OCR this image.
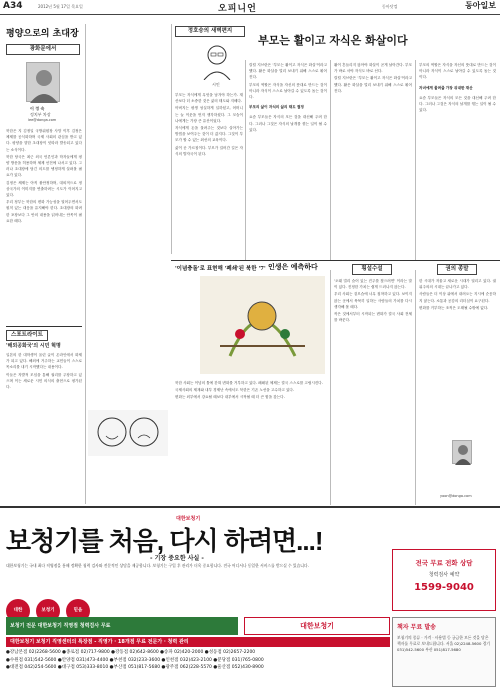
A34	2012년 5월 17일 목요일	오피니언	동아닷컴	동아일보
평양으로의 초대장
광화문에서
이 정 숙
정치부 차장
lee@donga.com

북한은 지 김정일 국방위원장 사망 이후 김정은 체제를 공식화하며 국제 사회의 관심을 받고 있다. 평양을 향한 초대장이 잇따라 발송되고 있다는 소식이다.

북한 당국은 최근 외국 언론인과 학자들에게 평양 방문을 허용하며 체제 선전에 나서고 있다. 그러나 초대장에 담긴 의도를 냉정하게 살펴볼 필요가 있다.

김정은 체제는 아직 불안정하며, 대외적으로 정상국가의 이미지를 연출하려는 시도가 이어지고 있다.

우리 정부는 북한의 변화 가능성을 열어두면서도 원칙 있는 대응을 유지해야 한다. 초대장의 화려한 포장보다 그 안의 내용을 읽어내는 안목이 필요한 때다.

스포트라이트
'해외공화국'의 시민 혁명

일본의 한 대학생이 올린 글이 온라인에서 화제가 되고 있다. 해외에 거주하는 교민들이 스스로 목소리를 내기 시작했다는 내용이다.

이들은 자발적 모임을 통해 권리를 주장하고 있으며 이는 새로운 시민 의식의 출현으로 평가된다.

정호승의 새벽편지
시인

부모는 자식에게 무엇을 남겨야 하는가. 재산보다 더 소중한 것은 삶의 태도와 지혜다.

아버지는 평생 성실하게 일하셨고, 어머니는 늘 이웃을 먼저 생각하셨다. 그 모습이 나에게는 가장 큰 유산이었다.

자식에게 돈을 물려주는 것보다 살아가는 방법을 보여주는 것이 더 값지다. 그것이 부모가 할 수 있는 최선의 교육이다.

삶이 곧 가르침이다. 부모가 걸어간 길은 자식의 발자국이 된다.

부모는 활이고 자식은 화살이다

칼릴 지브란은 '부모는 활이고 자식은 화살'이라고 했다. 활은 화살을 멀리 보내기 위해 스스로 휘어진다.

부모의 역할은 자식을 자신의 뜻대로 만드는 것이 아니라 자식이 스스로 날아갈 수 있도록 돕는 것이다.

부모의 삶이 자식의 삶의 태도 결정

요즘 부모들은 자식의 모든 것을 대신해 주려 한다. 그러나 그것은 자식의 날개를 꺾는 일이 될 수 있다.

활이 흔들리지 않아야 화살이 곧게 날아간다. 부모가 바로 서야 자식도 바로 선다.

칼릴 지브란은 '부모는 활이고 자식은 화살'이라고 했다. 활은 화살을 멀리 보내기 위해 스스로 휘어진다.

부모의 역할은 자식을 자신의 뜻대로 만드는 것이 아니라 자식이 스스로 날아갈 수 있도록 돕는 것이다.

자녀에게 물려줄 가장 위대한 재산

요즘 부모들은 자식의 모든 것을 대신해 주려 한다. 그러나 그것은 자식의 날개를 꺾는 일이 될 수 있다.

'이념충돌'로 표현해 '폐쇄'된 북한 '7' 인생은 예측하다

북한 사회는 이념의 틀에 갇혀 변화를 거부하고 있다. 폐쇄된 체제는 결국 스스로를 고립시킨다.

국제사회의 제재와 내부 경제난 속에서도 북한은 기존 노선을 고수하고 있다.

변화는 외부에서 강요될 때보다 내부에서 시작될 때 더 큰 힘을 갖는다.

횡설수설

'오래 멀리 숨어 있는 진주를 찾으려면' 이라는 말이 있다. 진정한 가치는 쉽게 드러나지 않는다.

우리 사회는 겉모습에 너무 집착하고 있다. 보이지 않는 곳에서 묵묵히 일하는 사람들의 가치를 다시 생각해 볼 때다.

작은 것에서부터 시작되는 변화가 결국 사회 전체를 바꾼다.

권의 종말

한 시대가 저물고 새로운 시대가 열리고 있다. 권위주의의 시대는 끝나가고 있다.

사람들은 더 이상 위에서 내려오는 지시에 순응하지 않는다. 소통과 공감의 리더십이 요구된다.

변화를 거부하는 조직은 도태될 수밖에 없다.

yoon@donga.com
대한보청기
보청기를 처음, 다시 하려면...!
- 기장 중요한 사실 -
대한보청기는 국내 최다 직영점을 통해 정확한 청력 검사와 전문적인 상담을 제공합니다. 보청기는 구입 후 관리가 더욱 중요합니다. 전국 어디서나 동일한 서비스를 받으실 수 있습니다.	전국 무료 전화 상담
청력검사 예약
1599-9040
대한	보청기	믿음
보청기 전문 대한보청기 직영점 청력검사 무료	대한보청기
대한보청기 보청기 직영센터의 특장점 - 직영가 · 18개점 무료 전문가 · 청력 관리
●강남본점 02)2268-5600 ●종로점 02)717-9800 ●강동점 02)642-8600 ●송파 02)420-2000 ●성동점 02)2657-2200
●수원점 031)542-5600 ●안양점 031)473-4400 ●부천점 032)233-3600 ●인천점 032)423-2100 ●분당점 031)765-0800
●대전점 042)254-5600 ●대구점 053)333-8010 ●부산점 051)817-5680 ●광주점 062)228-5570 ●울산점 052)430-8900
책자 무료 발송
보청기의 종류 · 가격 · 사용법 등 궁금한 모든 것을 담은 책자를 무료로 보내드립니다. 서울 02)2248-5600 경기 031)542-5600 부산 051)817-5680
